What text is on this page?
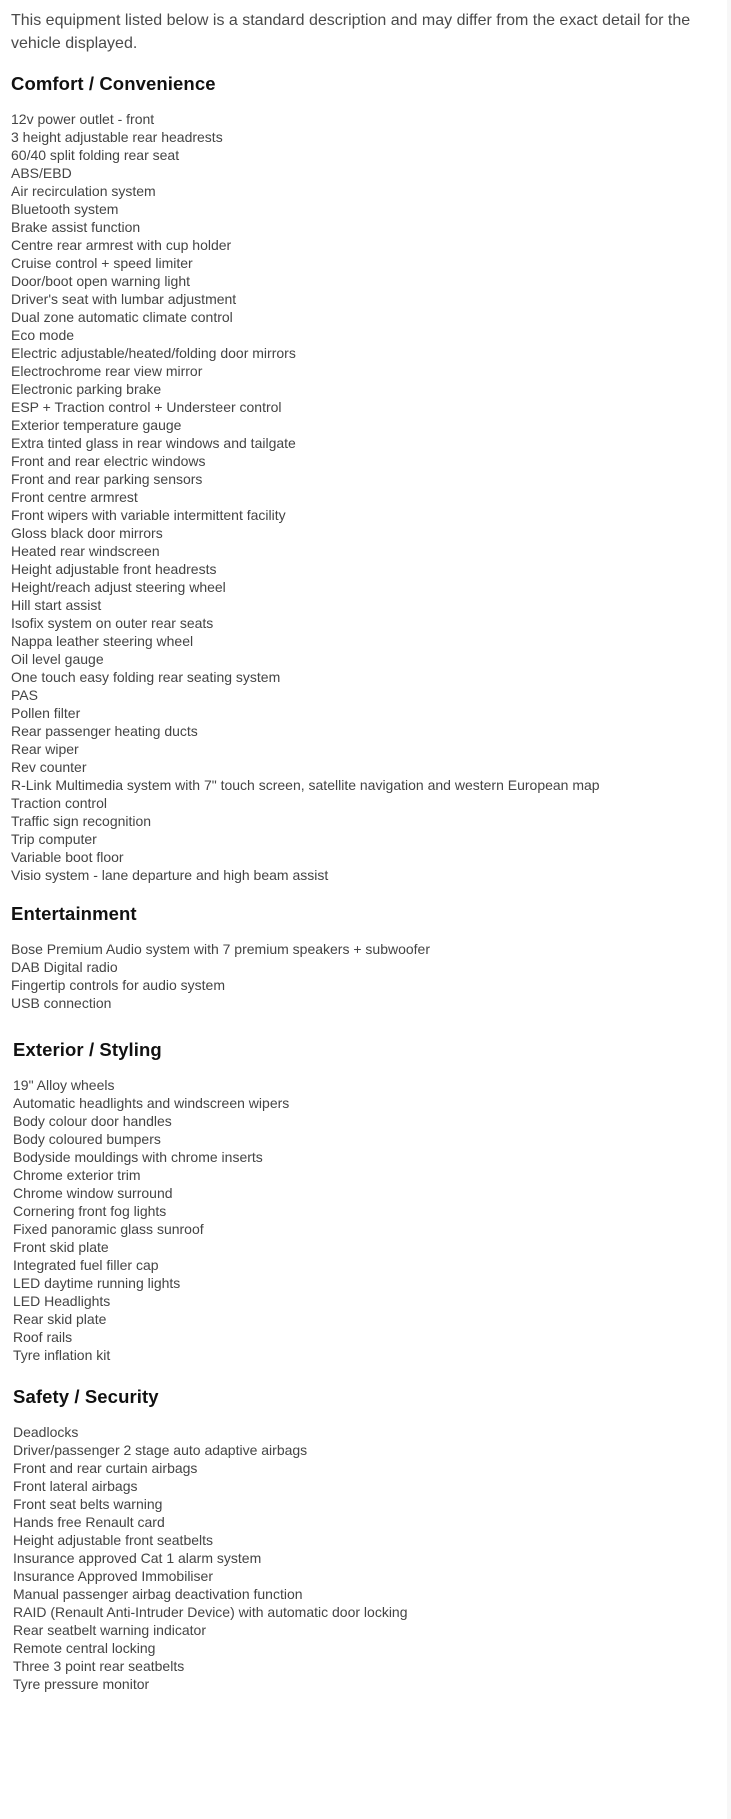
This equipment listed below is a standard description and may differ from the exact detail for the vehicle displayed.

Comfort / Convenience
12v power outlet - front
3 height adjustable rear headrests
60/40 split folding rear seat
ABS/EBD
Air recirculation system
Bluetooth system
Brake assist function
Centre rear armrest with cup holder
Cruise control + speed limiter
Door/boot open warning light
Driver's seat with lumbar adjustment
Dual zone automatic climate control
Eco mode
Electric adjustable/heated/folding door mirrors
Electrochrome rear view mirror
Electronic parking brake
ESP + Traction control + Understeer control
Exterior temperature gauge
Extra tinted glass in rear windows and tailgate
Front and rear electric windows
Front and rear parking sensors
Front centre armrest
Front wipers with variable intermittent facility
Gloss black door mirrors
Heated rear windscreen
Height adjustable front headrests
Height/reach adjust steering wheel
Hill start assist
Isofix system on outer rear seats
Nappa leather steering wheel
Oil level gauge
One touch easy folding rear seating system
PAS
Pollen filter
Rear passenger heating ducts
Rear wiper
Rev counter
R-Link Multimedia system with 7" touch screen, satellite navigation and western European map
Traction control
Traffic sign recognition
Trip computer
Variable boot floor
Visio system - lane departure and high beam assist
Entertainment
Bose Premium Audio system with 7 premium speakers + subwoofer
DAB Digital radio
Fingertip controls for audio system
USB connection
Exterior / Styling
19" Alloy wheels
Automatic headlights and windscreen wipers
Body colour door handles
Body coloured bumpers
Bodyside mouldings with chrome inserts
Chrome exterior trim
Chrome window surround
Cornering front fog lights
Fixed panoramic glass sunroof
Front skid plate
Integrated fuel filler cap
LED daytime running lights
LED Headlights
Rear skid plate
Roof rails
Tyre inflation kit
Safety / Security
Deadlocks
Driver/passenger 2 stage auto adaptive airbags
Front and rear curtain airbags
Front lateral airbags
Front seat belts warning
Hands free Renault card
Height adjustable front seatbelts
Insurance approved Cat 1 alarm system
Insurance Approved Immobiliser
Manual passenger airbag deactivation function
RAID (Renault Anti-Intruder Device) with automatic door locking
Rear seatbelt warning indicator
Remote central locking
Three 3 point rear seatbelts
Tyre pressure monitor
